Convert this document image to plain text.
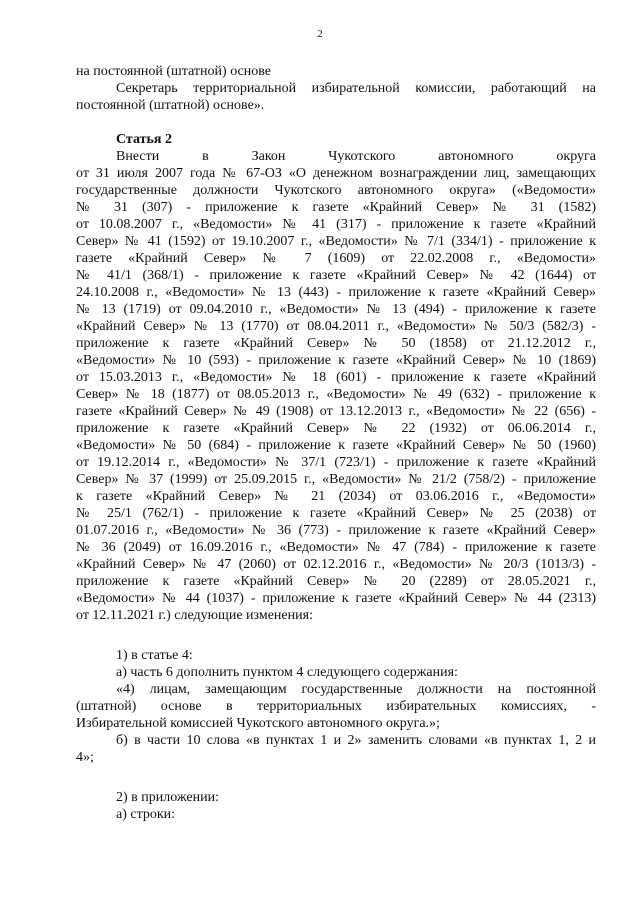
2
на постоянной (штатной) основе
Секретарь территориальной избирательной комиссии, работающий на
постоянной (штатной) основе».
Статья 2
Внести в Закон Чукотского автономного округа
от 31 июля 2007 года № 67-ОЗ «О денежном вознаграждении лиц, замещающих
государственные должности Чукотского автономного округа» («Ведомости»
№ 31 (307) - приложение к газете «Крайний Север» № 31 (1582)
от 10.08.2007 г., «Ведомости» № 41 (317) - приложение к газете «Крайний
Север» № 41 (1592) от 19.10.2007 г., «Ведомости» № 7/1 (334/1) - приложение к
газете «Крайний Север» № 7 (1609) от 22.02.2008 г., «Ведомости»
№ 41/1 (368/1) - приложение к газете «Крайний Север» № 42 (1644) от
24.10.2008 г., «Ведомости» № 13 (443) - приложение к газете «Крайний Север»
№ 13 (1719) от 09.04.2010 г., «Ведомости» № 13 (494) - приложение к газете
«Крайний Север» № 13 (1770) от 08.04.2011 г., «Ведомости» № 50/3 (582/3) -
приложение к газете «Крайний Север» № 50 (1858) от 21.12.2012 г.,
«Ведомости» № 10 (593) - приложение к газете «Крайний Север» № 10 (1869)
от 15.03.2013 г., «Ведомости» № 18 (601) - приложение к газете «Крайний
Север» № 18 (1877) от 08.05.2013 г., «Ведомости» № 49 (632) - приложение к
газете «Крайний Север» № 49 (1908) от 13.12.2013 г., «Ведомости» № 22 (656) -
приложение к газете «Крайний Север» № 22 (1932) от 06.06.2014 г.,
«Ведомости» № 50 (684) - приложение к газете «Крайний Север» № 50 (1960)
от 19.12.2014 г., «Ведомости» № 37/1 (723/1) - приложение к газете «Крайний
Север» № 37 (1999) от 25.09.2015 г., «Ведомости» № 21/2 (758/2) - приложение
к газете «Крайний Север» № 21 (2034) от 03.06.2016 г., «Ведомости»
№ 25/1 (762/1) - приложение к газете «Крайний Север» № 25 (2038) от
01.07.2016 г., «Ведомости» № 36 (773) - приложение к газете «Крайний Север»
№ 36 (2049) от 16.09.2016 г., «Ведомости» № 47 (784) - приложение к газете
«Крайний Север» № 47 (2060) от 02.12.2016 г., «Ведомости» № 20/3 (1013/3) -
приложение к газете «Крайний Север» № 20 (2289) от 28.05.2021 г.,
«Ведомости» № 44 (1037) - приложение к газете «Крайний Север» № 44 (2313)
от 12.11.2021 г.) следующие изменения:
1) в статье 4:
а) часть 6 дополнить пунктом 4 следующего содержания:
«4) лицам, замещающим государственные должности на постоянной
(штатной) основе в территориальных избирательных комиссиях, -
Избирательной комиссией Чукотского автономного округа.»;
б) в части 10 слова «в пунктах 1 и 2» заменить словами «в пунктах 1, 2 и
4»;
2) в приложении:
а) строки:
